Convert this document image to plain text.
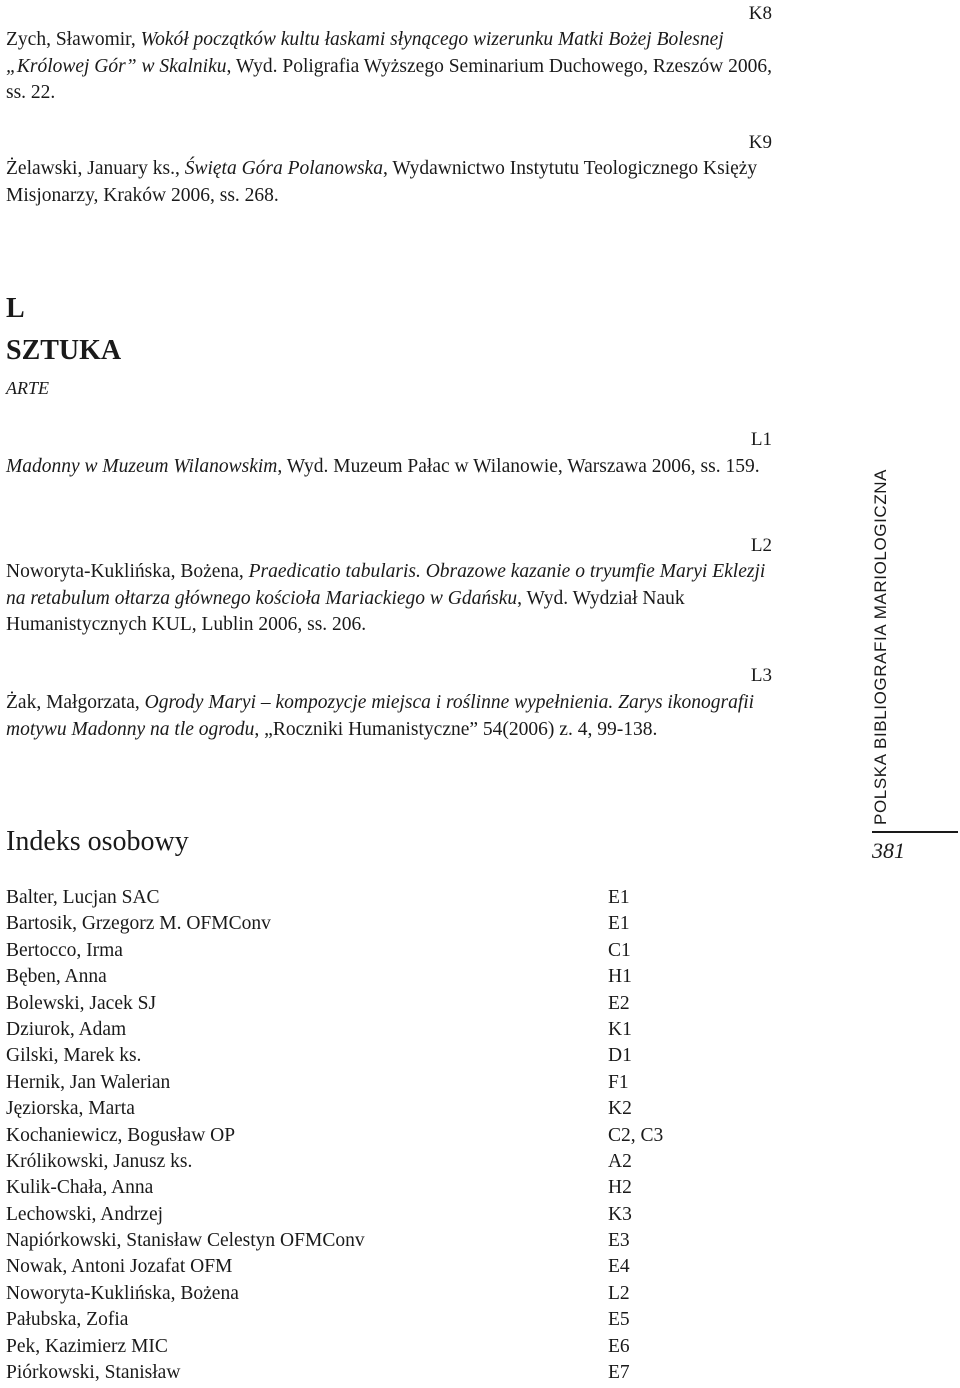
K8
Zych, Sławomir, Wokół początków kultu łaskami słynącego wizerunku Matki Bożej Bolesnej „Królowej Gór” w Skalniku, Wyd. Poligrafia Wyższego Seminarium Duchowego, Rzeszów 2006, ss. 22.
K9
Żelawski, January ks., Święta Góra Polanowska, Wydawnictwo Instytutu Teologicznego Księży Misjonarzy, Kraków 2006, ss. 268.
L
SZTUKA
ARTE
L1
Madonny w Muzeum Wilanowskim, Wyd. Muzeum Pałac w Wilanowie, Warszawa 2006, ss. 159.
L2
Noworyta-Kuklińska, Bożena, Praedicatio tabularis. Obrazowe kazanie o tryumfie Maryi Eklezji na retabulum ołtarza głównego kościoła Mariackiego w Gdańsku, Wyd. Wydział Nauk Humanistycznych KUL, Lublin 2006, ss. 206.
L3
Żak, Małgorzata, Ogrody Maryi – kompozycje miejsca i roślinne wypełnienia. Zarys ikonografii motywu Madonny na tle ogrodu, „Roczniki Humanistyczne” 54(2006) z. 4, 99-138.
Indeks osobowy
Balter, Lucjan SAC	E1
Bartosik, Grzegorz M. OFMConv	E1
Bertocco, Irma	C1
Bęben, Anna	H1
Bolewski, Jacek SJ	E2
Dziurok, Adam	K1
Gilski, Marek ks.	D1
Hernik, Jan Walerian	F1
Jęziorska, Marta	K2
Kochaniewicz, Bogusław OP	C2, C3
Królikowski, Janusz ks.	A2
Kulik-Chała, Anna	H2
Lechowski, Andrzej	K3
Napiórkowski, Stanisław Celestyn OFMConv	E3
Nowak, Antoni Jozafat OFM	E4
Noworyta-Kuklińska, Bożena	L2
Pałubska, Zofia	E5
Pek, Kazimierz MIC	E6
Piórkowski, Stanisław	E7
POLSKA BIBLIOGRAFIA MARIOLOGICZNA
381
